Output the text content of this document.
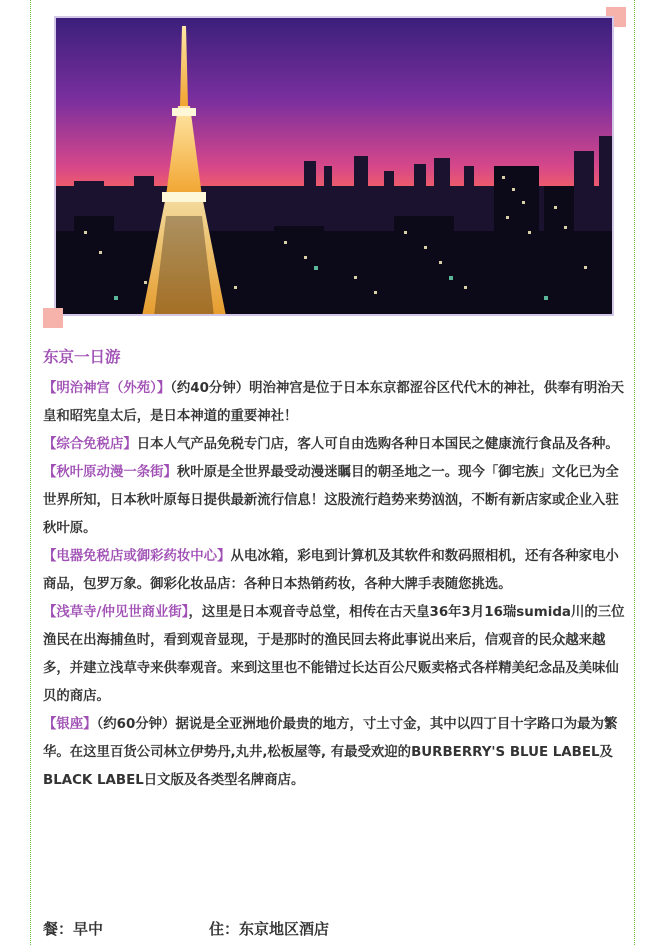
东京一日游

【明治神宫（外苑）】（约40分钟）明治神宫是位于日本东京都涩谷区代代木的神社，供奉有明治天皇和昭宪皇太后，是日本神道的重要神社！

【综合免税店】日本人气产品免税专门店，客人可自由选购各种日本国民之健康流行食品及各种。

【秋叶原动漫一条街】秋叶原是全世界最受动漫迷瞩目的朝圣地之一。现今「御宅族」文化已为全世界所知，日本秋叶原每日提供最新流行信息！这股流行趋势来势汹汹，不断有新店家或企业入驻秋叶原。

【电器免税店或御彩药妆中心】从电冰箱，彩电到计算机及其软件和数码照相机，还有各种家电小商品，包罗万象。御彩化妆品店：各种日本热销药妆，各种大牌手表随您挑选。

【浅草寺/仲见世商业街】，这里是日本观音寺总堂，相传在古天皇36年3月16瑞sumida川的三位渔民在出海捕鱼时，看到观音显现，于是那时的渔民回去将此事说出来后，信观音的民众越来越多，并建立浅草寺来供奉观音。来到这里也不能错过长达百公尺贩卖格式各样精美纪念品及美味仙贝的商店。

【银座】（约60分钟）据说是全亚洲地价最贵的地方，寸土寸金，其中以四丁目十字路口为最为繁华。在这里百货公司林立伊势丹,丸井,松板屋等, 有最受欢迎的BURBERRY'S BLUE LABEL及BLACK LABEL日文版及各类型名牌商店。

餐：早中	住：东京地区酒店
